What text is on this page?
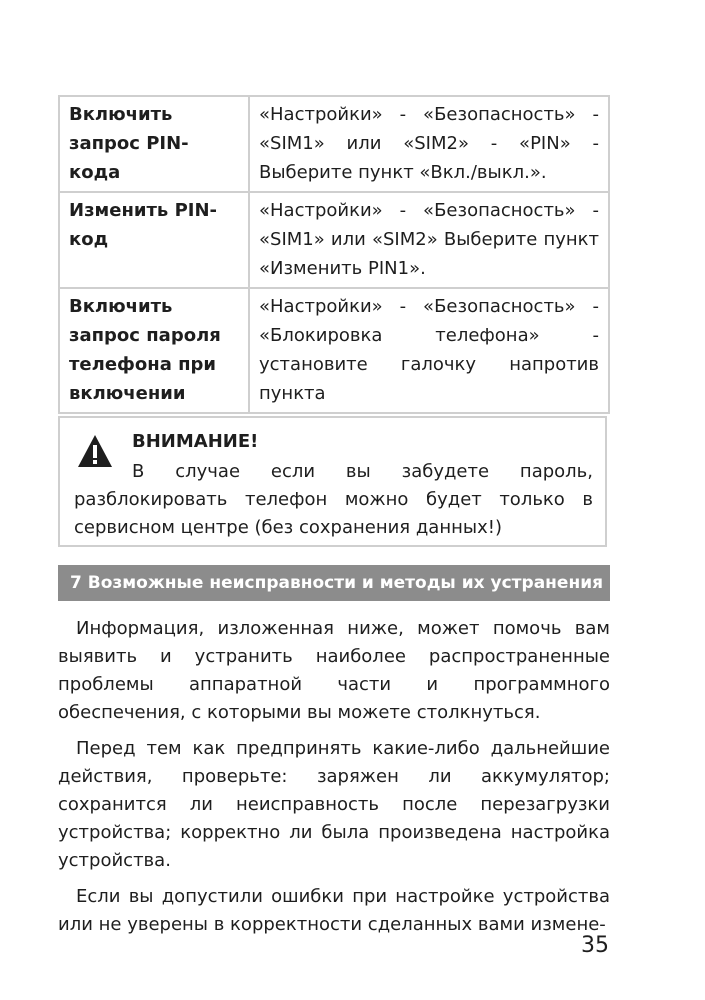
Включить запрос PIN-кода	«Настройки» - «Безопасность» - «SIM1» или «SIM2» - «PIN» - Выберите пункт «Вкл./выкл.».
Изменить PIN-код	«Настройки» - «Безопасность» - «SIM1» или «SIM2» Выберите пункт «Изменить PIN1».
Включить запрос пароля телефона при включении	«Настройки» - «Безопасность» - «Блокировка телефона» - установите галочку напротив пункта
ВНИМАНИЕ!
В случае если вы забудете пароль, разблокировать телефон можно будет только в сервисном центре (без сохранения данных!)
7 Возможные неисправности и методы их устранения

Информация, изложенная ниже, может помочь вам выявить и устранить наиболее распространенные проблемы аппаратной части и программного обеспечения, с которыми вы можете столкнуться.

Перед тем как предпринять какие-либо дальнейшие действия, проверьте: заряжен ли аккумулятор; сохранится ли неисправность после перезагрузки устройства; корректно ли была произведена настройка устройства.

Если вы допустили ошибки при настройке устройства или не уверены в корректности сделанных вами измене-

35
